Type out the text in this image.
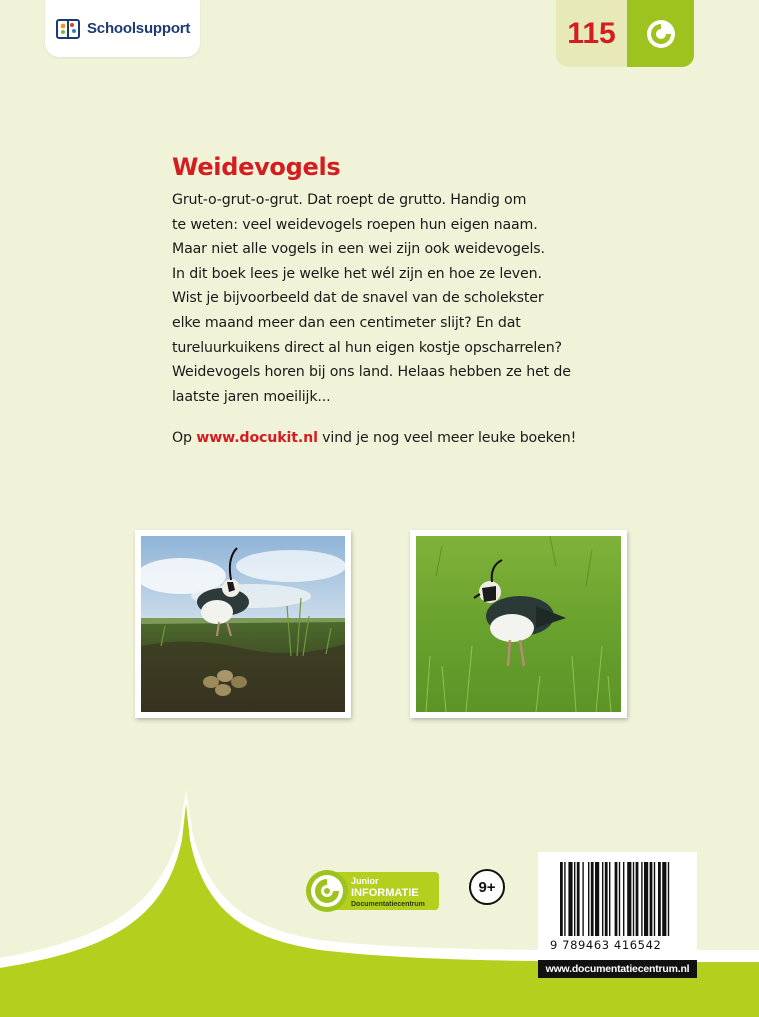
Schoolsupport	115
Weidevogels
Grut-o-grut-o-grut. Dat roept de grutto. Handig om
te weten: veel weidevogels roepen hun eigen naam.
Maar niet alle vogels in een wei zijn ook weidevogels.
In dit boek lees je welke het wél zijn en hoe ze leven.
Wist je bijvoorbeeld dat de snavel van de scholekster
elke maand meer dan een centimeter slijt? En dat
tureluurkuikens direct al hun eigen kostje opscharrelen?
Weidevogels horen bij ons land. Helaas hebben ze het de
laatste jaren moeilijk...

Op www.docukit.nl vind je nog veel meer leuke boeken!

Junior
INFORMATIE
Documentatiecentrum
9+
9 789463 416542
www.documentatiecentrum.nl
